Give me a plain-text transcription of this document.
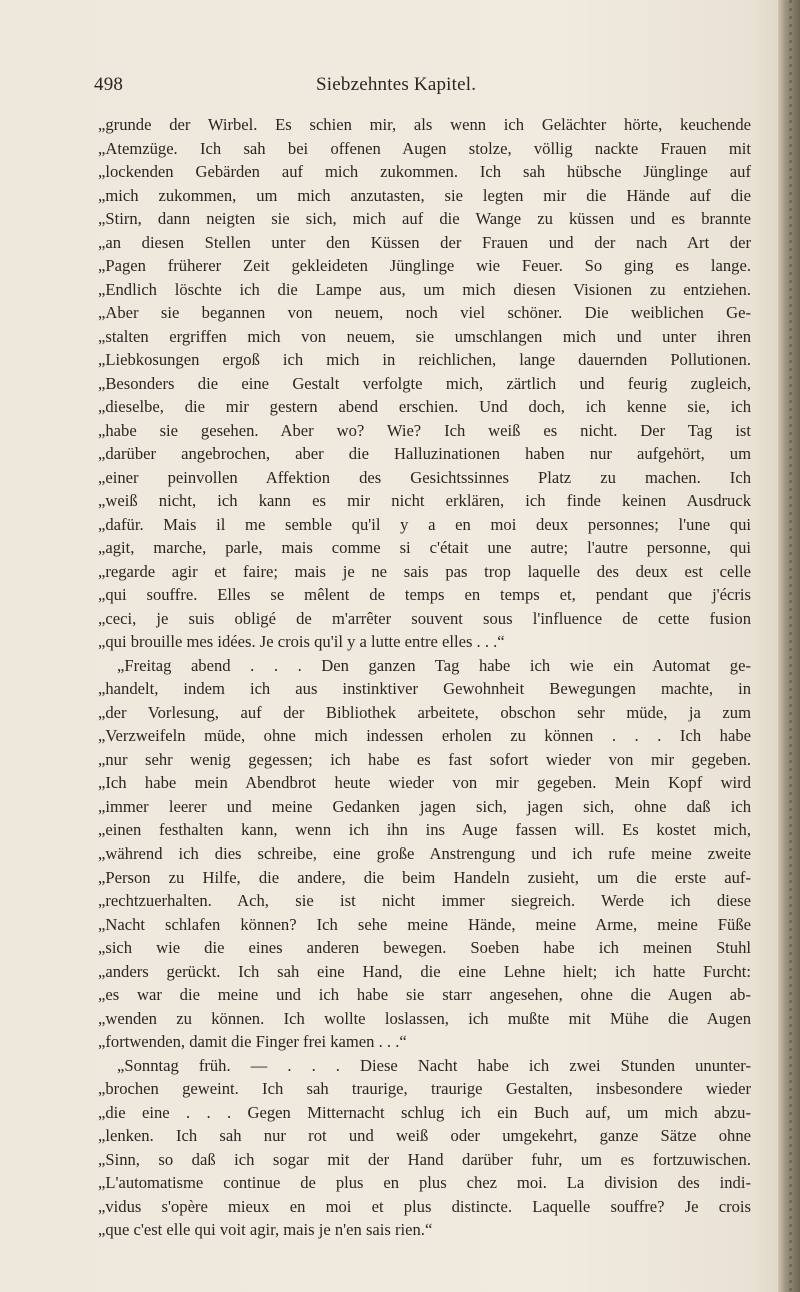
498	Siebzehntes Kapitel.
„grunde der Wirbel. Es schien mir, als wenn ich Gelächter hörte, keuchende
„Atemzüge. Ich sah bei offenen Augen stolze, völlig nackte Frauen mit
„lockenden Gebärden auf mich zukommen. Ich sah hübsche Jünglinge auf
„mich zukommen, um mich anzutasten, sie legten mir die Hände auf die
„Stirn, dann neigten sie sich, mich auf die Wange zu küssen und es brannte
„an diesen Stellen unter den Küssen der Frauen und der nach Art der
„Pagen früherer Zeit gekleideten Jünglinge wie Feuer. So ging es lange.
„Endlich löschte ich die Lampe aus, um mich diesen Visionen zu entziehen.
„Aber sie begannen von neuem, noch viel schöner. Die weiblichen Ge-
„stalten ergriffen mich von neuem, sie umschlangen mich und unter ihren
„Liebkosungen ergoß ich mich in reichlichen, lange dauernden Pollutionen.
„Besonders die eine Gestalt verfolgte mich, zärtlich und feurig zugleich,
„dieselbe, die mir gestern abend erschien. Und doch, ich kenne sie, ich
„habe sie gesehen. Aber wo? Wie? Ich weiß es nicht. Der Tag ist
„darüber angebrochen, aber die Halluzinationen haben nur aufgehört, um
„einer peinvollen Affektion des Gesichtssinnes Platz zu machen. Ich
„weiß nicht, ich kann es mir nicht erklären, ich finde keinen Ausdruck
„dafür. Mais il me semble qu'il y a en moi deux personnes; l'une qui
„agit, marche, parle, mais comme si c'était une autre; l'autre personne, qui
„regarde agir et faire; mais je ne sais pas trop laquelle des deux est celle
„qui souffre. Elles se mêlent de temps en temps et, pendant que j'écris
„ceci, je suis obligé de m'arrêter souvent sous l'influence de cette fusion
„qui brouille mes idées. Je crois qu'il y a lutte entre elles . . .“
„Freitag abend . . . Den ganzen Tag habe ich wie ein Automat ge-
„handelt, indem ich aus instinktiver Gewohnheit Bewegungen machte, in
„der Vorlesung, auf der Bibliothek arbeitete, obschon sehr müde, ja zum
„Verzweifeln müde, ohne mich indessen erholen zu können . . . Ich habe
„nur sehr wenig gegessen; ich habe es fast sofort wieder von mir gegeben.
„Ich habe mein Abendbrot heute wieder von mir gegeben. Mein Kopf wird
„immer leerer und meine Gedanken jagen sich, jagen sich, ohne daß ich
„einen festhalten kann, wenn ich ihn ins Auge fassen will. Es kostet mich,
„während ich dies schreibe, eine große Anstrengung und ich rufe meine zweite
„Person zu Hilfe, die andere, die beim Handeln zusieht, um die erste auf-
„rechtzuerhalten. Ach, sie ist nicht immer siegreich. Werde ich diese
„Nacht schlafen können? Ich sehe meine Hände, meine Arme, meine Füße
„sich wie die eines anderen bewegen. Soeben habe ich meinen Stuhl
„anders gerückt. Ich sah eine Hand, die eine Lehne hielt; ich hatte Furcht:
„es war die meine und ich habe sie starr angesehen, ohne die Augen ab-
„wenden zu können. Ich wollte loslassen, ich mußte mit Mühe die Augen
„fortwenden, damit die Finger frei kamen . . .“
„Sonntag früh. — . . . Diese Nacht habe ich zwei Stunden ununter-
„brochen geweint. Ich sah traurige, traurige Gestalten, insbesondere wieder
„die eine . . . Gegen Mitternacht schlug ich ein Buch auf, um mich abzu-
„lenken. Ich sah nur rot und weiß oder umgekehrt, ganze Sätze ohne
„Sinn, so daß ich sogar mit der Hand darüber fuhr, um es fortzuwischen.
„L'automatisme continue de plus en plus chez moi. La division des indi-
„vidus s'opère mieux en moi et plus distincte. Laquelle souffre? Je crois
„que c'est elle qui voit agir, mais je n'en sais rien.“
